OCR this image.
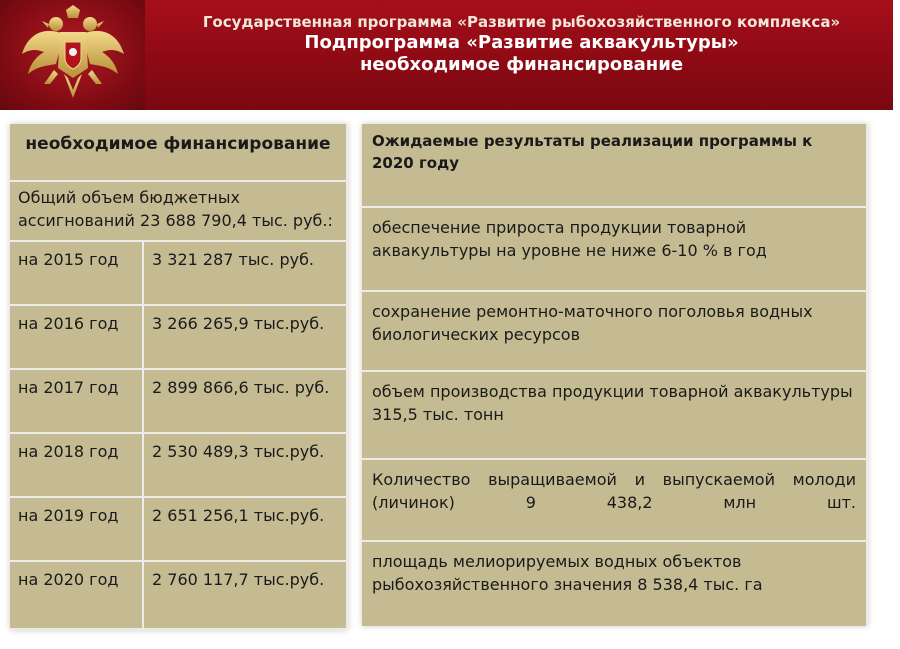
Государственная программа «Развитие рыбохозяйственного комплекса»
Подпрограмма «Развитие аквакультуры»
необходимое финансирование
необходимое финансирование
Общий объем бюджетных ассигнований 23 688 790,4 тыс. руб.:
на 2015 год	3 321 287 тыс. руб.
на 2016 год	3 266 265,9 тыс.руб.
на 2017 год	2 899 866,6 тыс. руб.
на 2018 год	2 530 489,3 тыс.руб.
на 2019 год	2 651 256,1 тыс.руб.
на 2020 год	2 760 117,7 тыс.руб.
Ожидаемые результаты реализации программы к 2020 году
обеспечение прироста продукции товарной аквакультуры на уровне не ниже 6-10 % в год
сохранение ремонтно-маточного поголовья водных биологических ресурсов
объем производства продукции товарной аквакультуры 315,5 тыс. тонн
Количество выращиваемой и выпускаемой молоди (личинок) 9 438,2 млн шт.
площадь мелиорируемых водных объектов рыбохозяйственного значения 8 538,4 тыс. га
